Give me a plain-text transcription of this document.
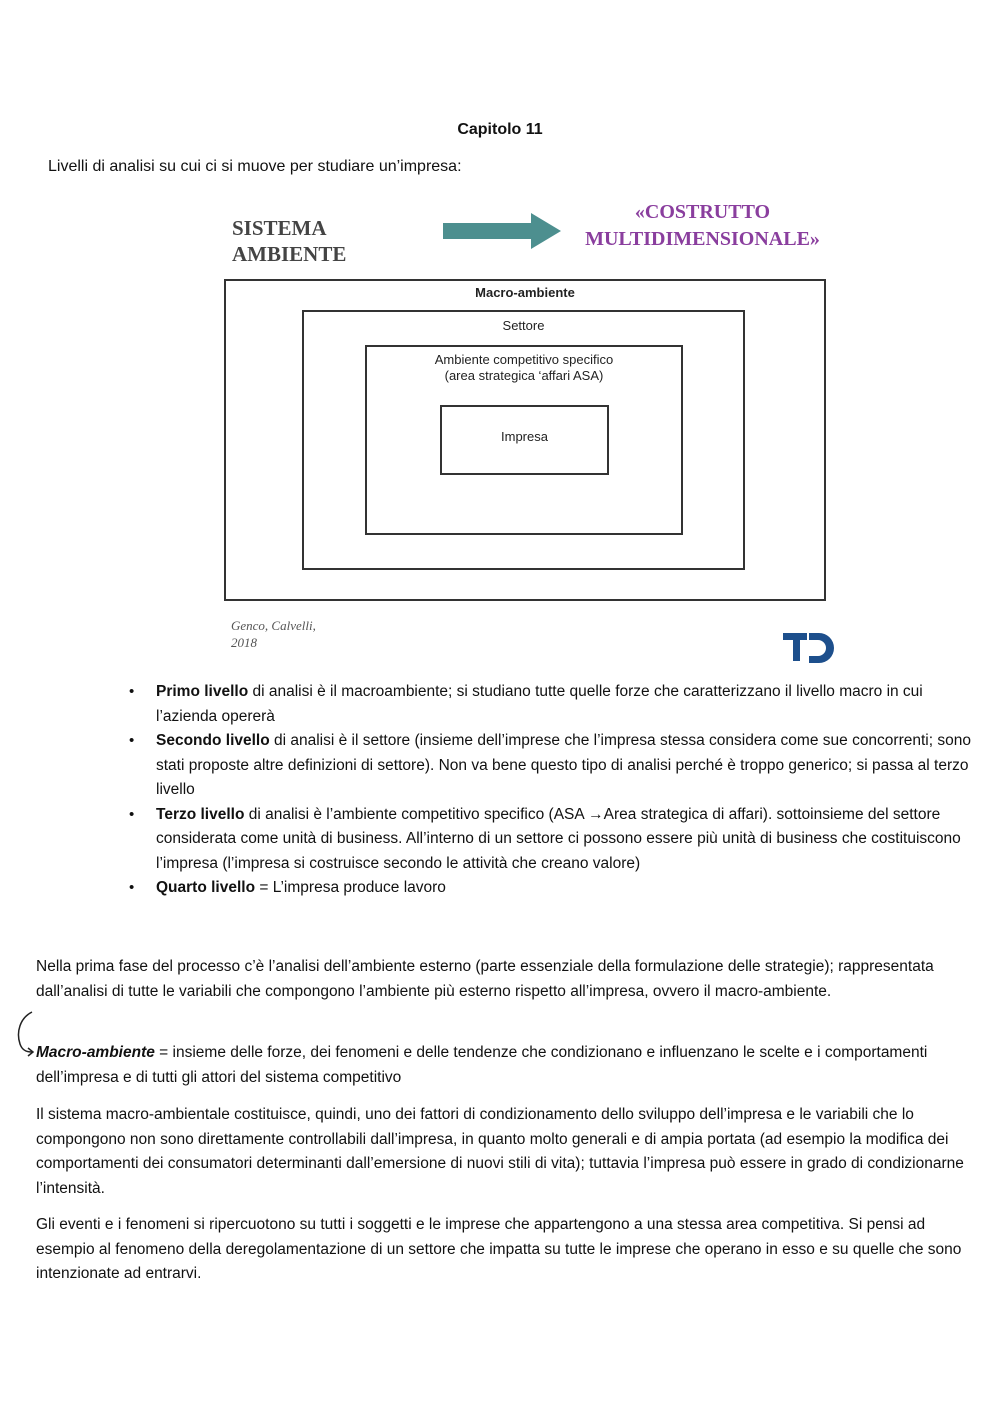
Capitolo 11
Livelli di analisi su cui ci si muove per studiare un’impresa:
SISTEMA
AMBIENTE
«COSTRUTTO
MULTIDIMENSIONALE»
Macro-ambiente
Settore
Ambiente competitivo specifico
(area strategica ‘affari ASA)
Impresa
Genco, Calvelli,
2018
• Primo livello di analisi è il macroambiente; si studiano tutte quelle forze che caratterizzano il livello macro in cui l’azienda opererà
• Secondo livello di analisi è il settore (insieme dell’imprese che l’impresa stessa considera come sue concorrenti; sono stati proposte altre definizioni di settore). Non va bene questo tipo di analisi perché è troppo generico; si passa al terzo livello
• Terzo livello di analisi è l’ambiente competitivo specifico (ASA →Area strategica di affari). sottoinsieme del settore considerata come unità di business. All’interno di un settore ci possono essere più unità di business che costituiscono l’impresa (l’impresa si costruisce secondo le attività che creano valore)
• Quarto livello = L’impresa produce lavoro

Nella prima fase del processo c’è l’analisi dell’ambiente esterno (parte essenziale della formulazione delle strategie); rappresentata dall’analisi di tutte le variabili che compongono l’ambiente più esterno rispetto all’impresa, ovvero il macro-ambiente.

Macro-ambiente = insieme delle forze, dei fenomeni e delle tendenze che condizionano e influenzano le scelte e i comportamenti dell’impresa e di tutti gli attori del sistema competitivo

Il sistema macro-ambientale costituisce, quindi, uno dei fattori di condizionamento dello sviluppo dell’impresa e le variabili che lo compongono non sono direttamente controllabili dall’impresa, in quanto molto generali e di ampia portata (ad esempio la modifica dei comportamenti dei consumatori determinanti dall’emersione di nuovi stili di vita); tuttavia l’impresa può essere in grado di condizionarne l’intensità.

Gli eventi e i fenomeni si ripercuotono su tutti i soggetti e le imprese che appartengono a una stessa area competitiva. Si pensi ad esempio al fenomeno della deregolamentazione di un settore che impatta su tutte le imprese che operano in esso e su quelle che sono intenzionate ad entrarvi.
